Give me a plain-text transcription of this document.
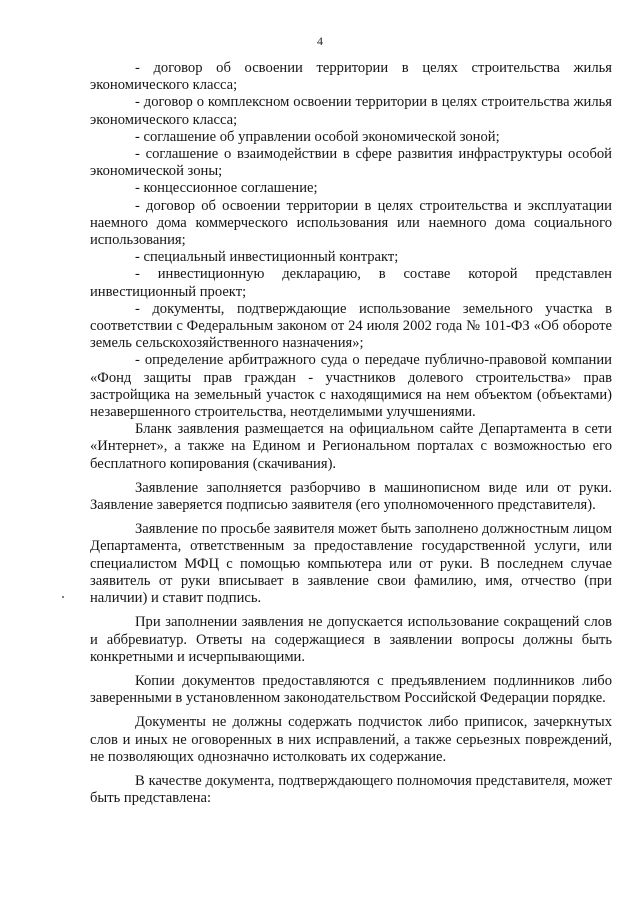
4

- договор об освоении территории в целях строительства жилья экономического класса;

- договор о комплексном освоении территории в целях строительства жилья экономического класса;

- соглашение об управлении особой экономической зоной;

- соглашение о взаимодействии в сфере развития инфраструктуры особой экономической зоны;

- концессионное соглашение;

- договор об освоении территории в целях строительства и эксплуатации наемного дома коммерческого использования или наемного дома социального использования;

- специальный инвестиционный контракт;

- инвестиционную декларацию, в составе которой представлен инвестиционный проект;

- документы, подтверждающие использование земельного участка в соответствии с Федеральным законом от 24 июля 2002 года № 101-ФЗ «Об обороте земель сельскохозяйственного назначения»;

- определение арбитражного суда о передаче публично-правовой компании «Фонд защиты прав граждан - участников долевого строительства» прав застройщика на земельный участок с находящимися на нем объектом (объектами) незавершенного строительства, неотделимыми улучшениями.

Бланк заявления размещается на официальном сайте Департамента в сети «Интернет», а также на Едином и Региональном порталах с возможностью его бесплатного копирования (скачивания).

Заявление заполняется разборчиво в машинописном виде или от руки. Заявление заверяется подписью заявителя (его уполномоченного представителя).

Заявление по просьбе заявителя может быть заполнено должностным лицом Департамента, ответственным за предоставление государственной услуги, или специалистом МФЦ с помощью компьютера или от руки. В последнем случае заявитель от руки вписывает в заявление свои фамилию, имя, отчество (при наличии) и ставит подпись.

При заполнении заявления не допускается использование сокращений слов и аббревиатур. Ответы на содержащиеся в заявлении вопросы должны быть конкретными и исчерпывающими.

Копии документов предоставляются с предъявлением подлинников либо заверенными в установленном законодательством Российской Федерации порядке.

Документы не должны содержать подчисток либо приписок, зачеркнутых слов и иных не оговоренных в них исправлений, а также серьезных повреждений, не позволяющих однозначно истолковать их содержание.

В качестве документа, подтверждающего полномочия представителя, может быть представлена:
